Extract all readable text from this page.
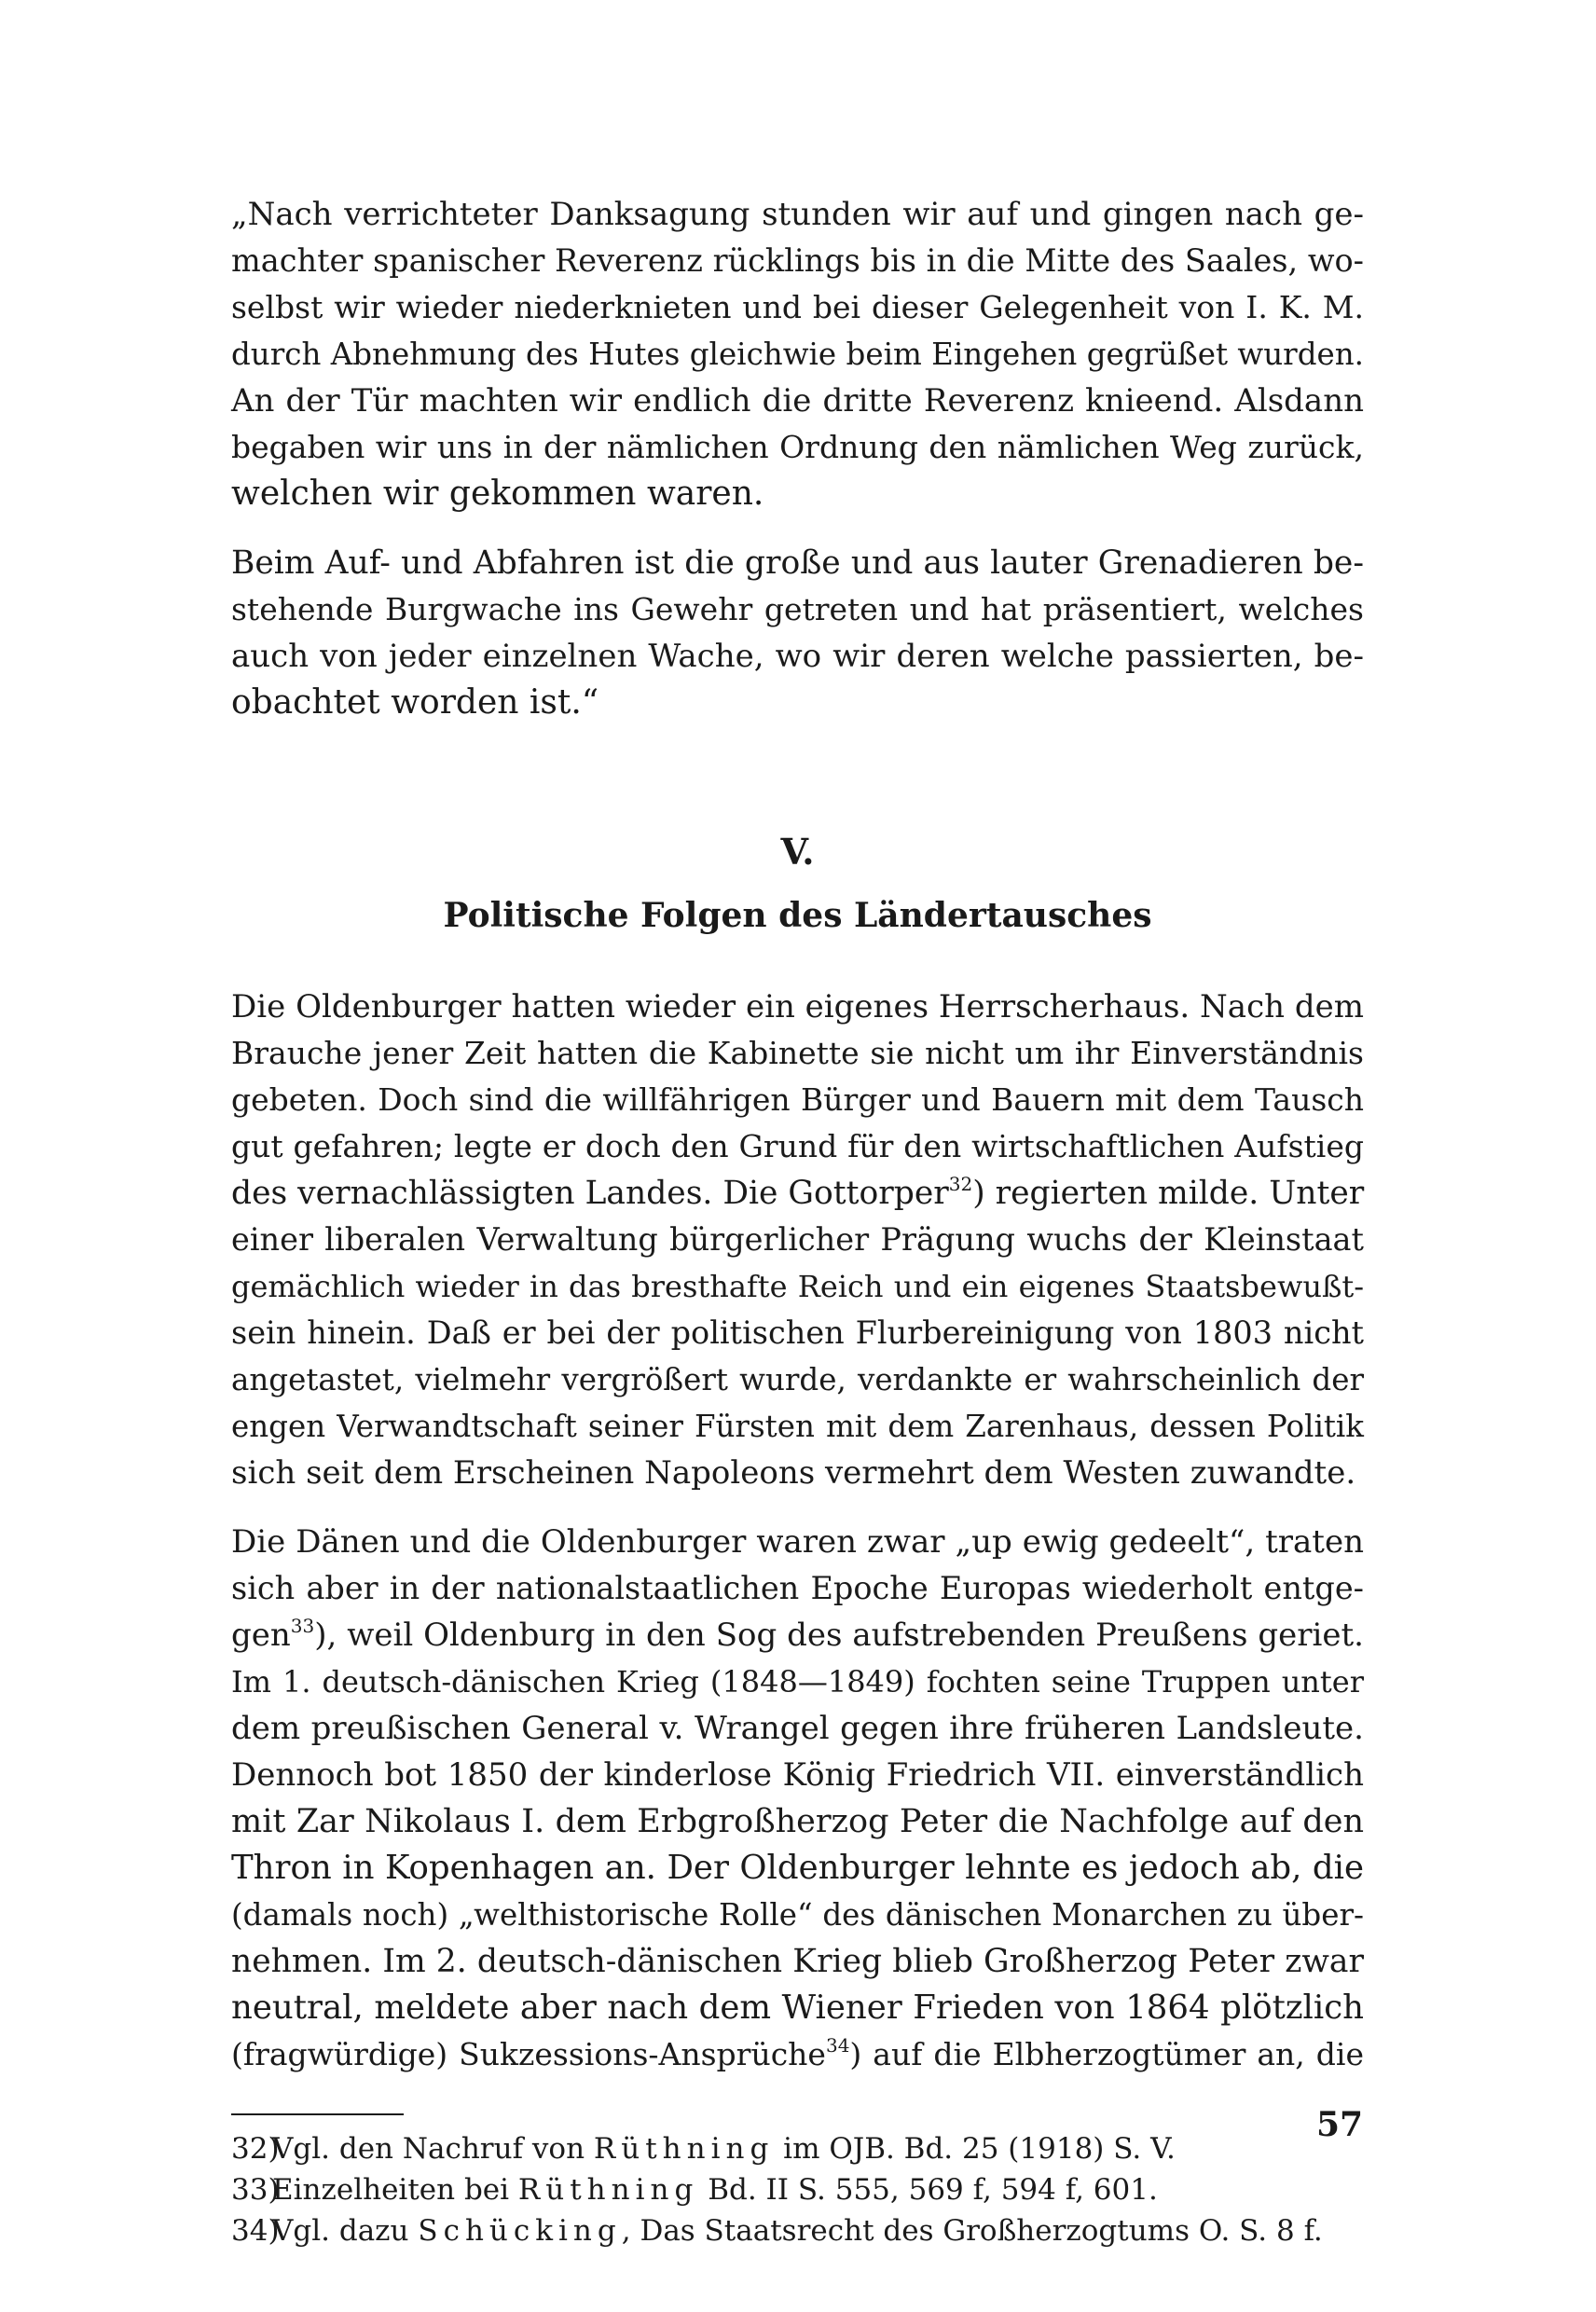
„Nach verrichteter Danksagung stunden wir auf und gingen nach ge-
machter spanischer Reverenz rücklings bis in die Mitte des Saales, wo-
selbst wir wieder niederknieten und bei dieser Gelegenheit von I. K. M.
durch Abnehmung des Hutes gleichwie beim Eingehen gegrüßet wurden.
An der Tür machten wir endlich die dritte Reverenz knieend. Alsdann
begaben wir uns in der nämlichen Ordnung den nämlichen Weg zurück,
welchen wir gekommen waren.
Beim Auf- und Abfahren ist die große und aus lauter Grenadieren be-
stehende Burgwache ins Gewehr getreten und hat präsentiert, welches
auch von jeder einzelnen Wache, wo wir deren welche passierten, be-
obachtet worden ist.“
V.
Politische Folgen des Ländertausches
Die Oldenburger hatten wieder ein eigenes Herrscherhaus. Nach dem
Brauche jener Zeit hatten die Kabinette sie nicht um ihr Einverständnis
gebeten. Doch sind die willfährigen Bürger und Bauern mit dem Tausch
gut gefahren; legte er doch den Grund für den wirtschaftlichen Aufstieg
des vernachlässigten Landes. Die Gottorper$^{32}$) regierten milde. Unter
einer liberalen Verwaltung bürgerlicher Prägung wuchs der Kleinstaat
gemächlich wieder in das bresthafte Reich und ein eigenes Staatsbewußt-
sein hinein. Daß er bei der politischen Flurbereinigung von 1803 nicht
angetastet, vielmehr vergrößert wurde, verdankte er wahrscheinlich der
engen Verwandtschaft seiner Fürsten mit dem Zarenhaus, dessen Politik
sich seit dem Erscheinen Napoleons vermehrt dem Westen zuwandte.
Die Dänen und die Oldenburger waren zwar „up ewig gedeelt“, traten
sich aber in der nationalstaatlichen Epoche Europas wiederholt entge-
gen$^{33}$), weil Oldenburg in den Sog des aufstrebenden Preußens geriet.
Im 1. deutsch-dänischen Krieg (1848—1849) fochten seine Truppen unter
dem preußischen General v. Wrangel gegen ihre früheren Landsleute.
Dennoch bot 1850 der kinderlose König Friedrich VII. einverständlich
mit Zar Nikolaus I. dem Erbgroßherzog Peter die Nachfolge auf den
Thron in Kopenhagen an. Der Oldenburger lehnte es jedoch ab, die
(damals noch) „welthistorische Rolle“ des dänischen Monarchen zu über-
nehmen. Im 2. deutsch-dänischen Krieg blieb Großherzog Peter zwar
neutral, meldete aber nach dem Wiener Frieden von 1864 plötzlich
(fragwürdige) Sukzessions-Ansprüche$^{34}$) auf die Elbherzogtümer an, die
32)
Vgl. den Nachruf von Rüthning im OJB. Bd. 25 (1918) S. V.
33)
Einzelheiten bei Rüthning Bd. II S. 555, 569 f, 594 f, 601.
34)
Vgl. dazu Schücking, Das Staatsrecht des Großherzogtums O. S. 8 f.
57
